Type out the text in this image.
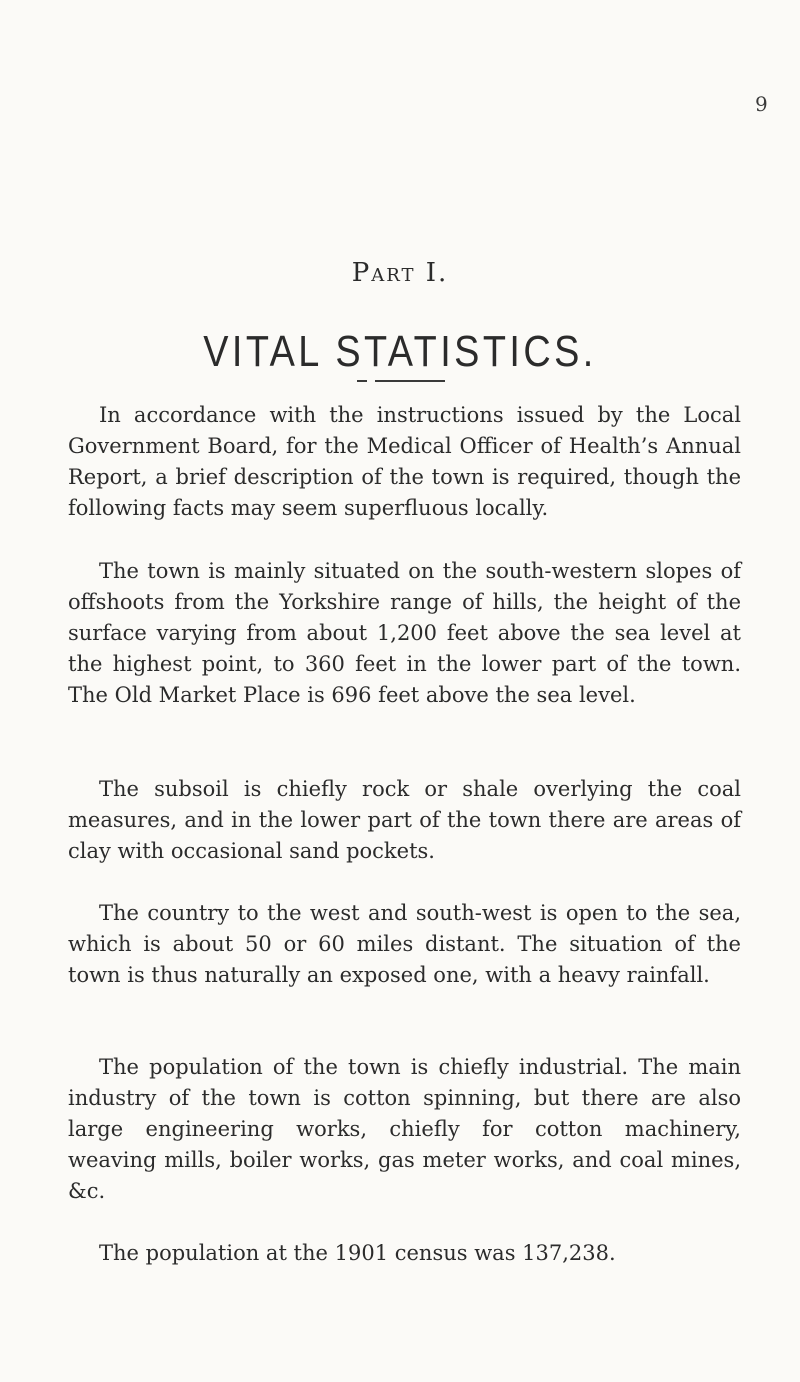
9
Part I.
VITAL STATISTICS.

In accordance with the instructions issued by the Local Government Board, for the Medical Officer of Health’s Annual Report, a brief description of the town is required, though the following facts may seem superfluous locally.

The town is mainly situated on the south-western slopes of offshoots from the Yorkshire range of hills, the height of the surface varying from about 1,200 feet above the sea level at the highest point, to 360 feet in the lower part of the town. The Old Market Place is 696 feet above the sea level.

The subsoil is chiefly rock or shale overlying the coal measures, and in the lower part of the town there are areas of clay with occasional sand pockets.

The country to the west and south-west is open to the sea, which is about 50 or 60 miles distant. The situation of the town is thus naturally an exposed one, with a heavy rainfall.

The population of the town is chiefly industrial. The main industry of the town is cotton spinning, but there are also large engineering works, chiefly for cotton machinery, weaving mills, boiler works, gas meter works, and coal mines, &c.

The population at the 1901 census was 137,238.
